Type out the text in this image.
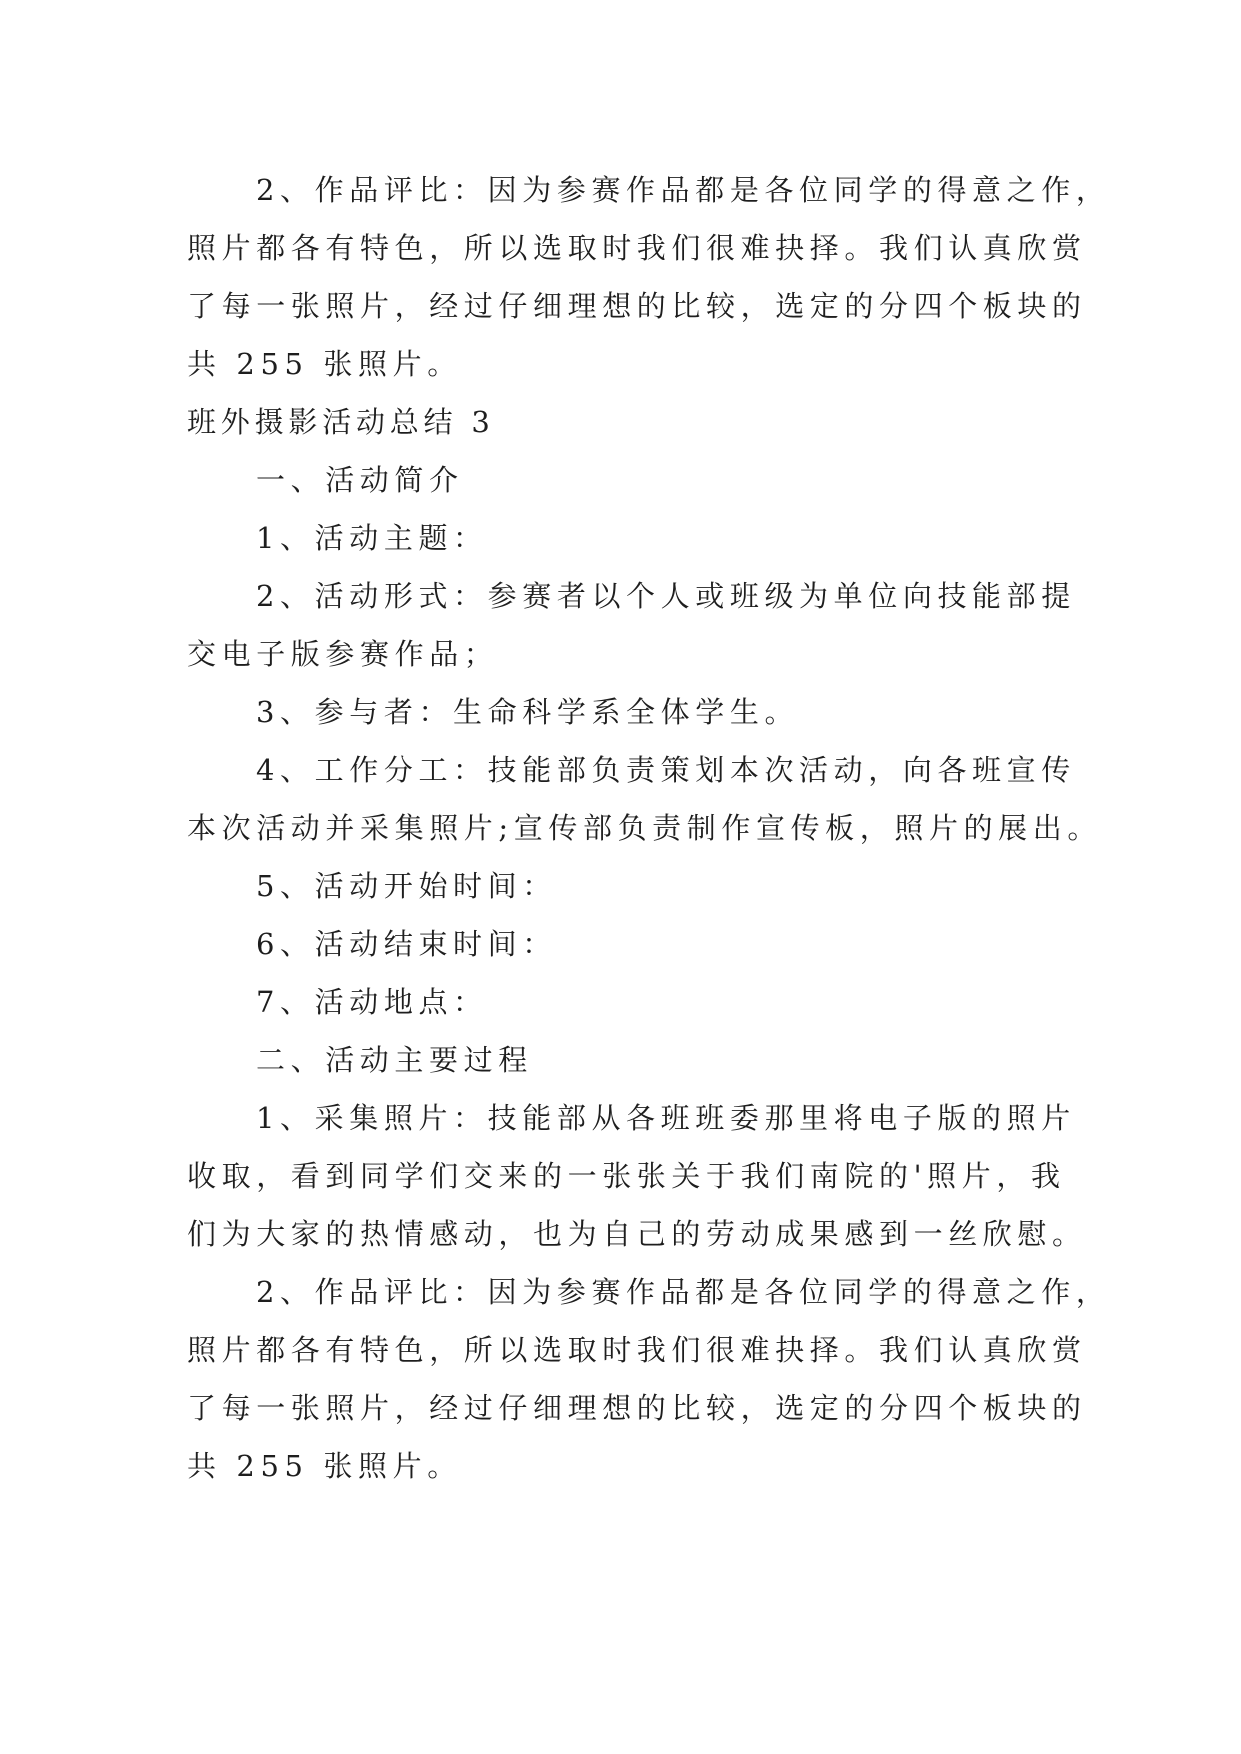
2、作品评比：因为参赛作品都是各位同学的得意之作，
照片都各有特色，所以选取时我们很难抉择。我们认真欣赏
了每一张照片，经过仔细理想的比较，选定的分四个板块的
共 255 张照片。
班外摄影活动总结 3
一、活动简介
1、活动主题：
2、活动形式：参赛者以个人或班级为单位向技能部提
交电子版参赛作品；
3、参与者：生命科学系全体学生。
4、工作分工：技能部负责策划本次活动，向各班宣传
本次活动并采集照片;宣传部负责制作宣传板，照片的展出。
5、活动开始时间：
6、活动结束时间：
7、活动地点：
二、活动主要过程
1、采集照片：技能部从各班班委那里将电子版的照片
收取，看到同学们交来的一张张关于我们南院的'照片，我
们为大家的热情感动，也为自己的劳动成果感到一丝欣慰。
2、作品评比：因为参赛作品都是各位同学的得意之作，
照片都各有特色，所以选取时我们很难抉择。我们认真欣赏
了每一张照片，经过仔细理想的比较，选定的分四个板块的
共 255 张照片。
